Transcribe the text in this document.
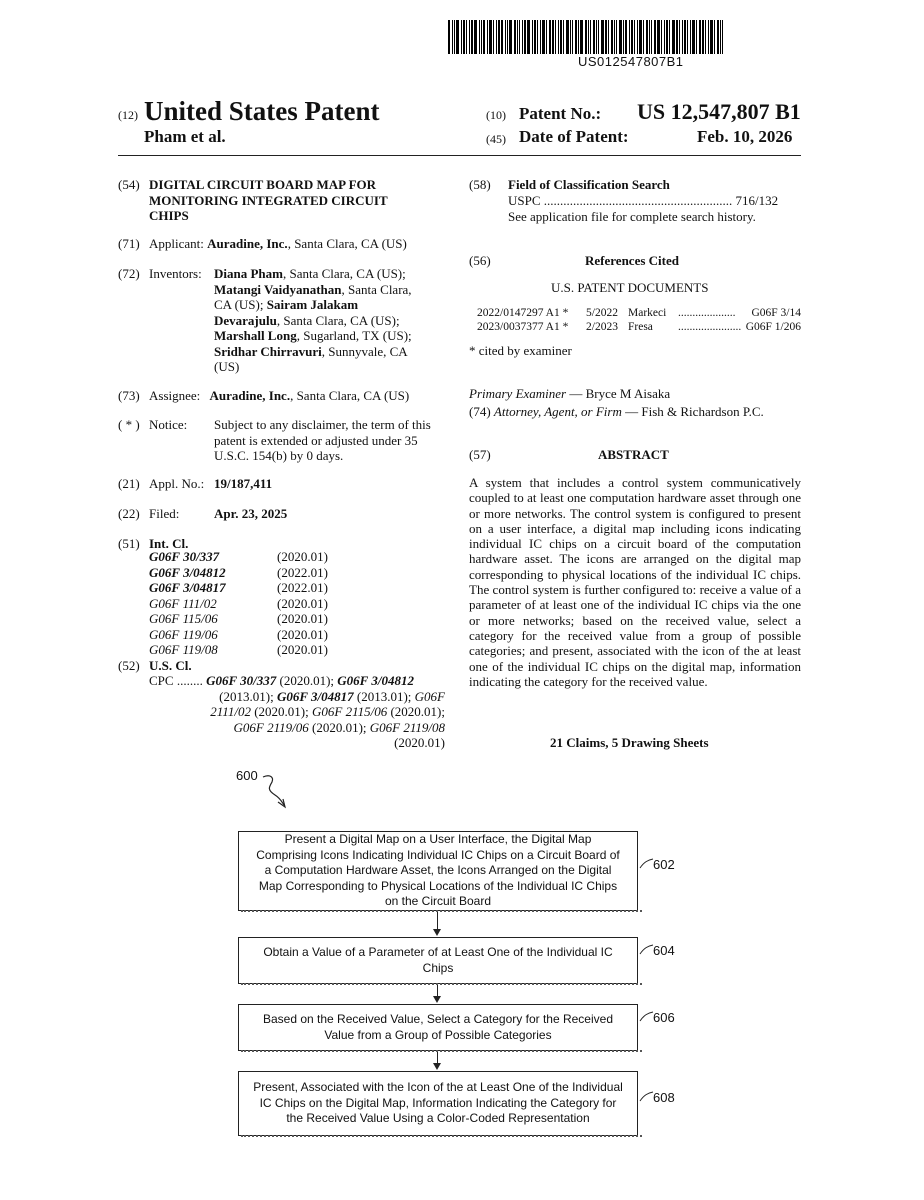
US012547807B1
(12) United States Patent
Pham et al.
(10) Patent No.: US 12,547,807 B1
(45) Date of Patent:	Feb. 10, 2026
(54) DIGITAL CIRCUIT BOARD MAP FOR
MONITORING INTEGRATED CIRCUIT
CHIPS
(71) Applicant: Auradine, Inc., Santa Clara, CA (US)
(72) Inventors: Diana Pham, Santa Clara, CA (US);
Matangi Vaidyanathan, Santa Clara,
CA (US); Sairam Jalakam
Devarajulu, Santa Clara, CA (US);
Marshall Long, Sugarland, TX (US);
Sridhar Chirravuri, Sunnyvale, CA
(US)
(73) Assignee: Auradine, Inc., Santa Clara, CA (US)
( * ) Notice: Subject to any disclaimer, the term of this
patent is extended or adjusted under 35
U.S.C. 154(b) by 0 days.
(21) Appl. No.: 19/187,411
(22) Filed:	Apr. 23, 2025
(51) Int. Cl.
G06F 30/337	(2020.01)
G06F 3/04812	(2022.01)
G06F 3/04817	(2022.01)
G06F 111/02	(2020.01)
G06F 115/06	(2020.01)
G06F 119/06	(2020.01)
G06F 119/08	(2020.01)
(52) U.S. Cl.
CPC ........ G06F 30/337 (2020.01); G06F 3/04812
(2013.01); G06F 3/04817 (2013.01); G06F
2111/02 (2020.01); G06F 2115/06 (2020.01);
G06F 2119/06 (2020.01); G06F 2119/08
(2020.01)
(58) Field of Classification Search
USPC .......................................................... 716/132
See application file for complete search history.
(56)	References Cited
U.S. PATENT DOCUMENTS
2022/0147297 A1 *	5/2022 Markeci	....................	G06F 3/14
2023/0037377 A1 *	2/2023 Fresa	...................... G06F 1/206
* cited by examiner
Primary Examiner — Bryce M Aisaka
(74) Attorney, Agent, or Firm — Fish & Richardson P.C.
(57)	ABSTRACT
A system that includes a control system communicatively coupled to at least one computation hardware asset through one or more networks. The control system is configured to present on a user interface, a digital map including icons indicating individual IC chips on a circuit board of the computation hardware asset. The icons are arranged on the digital map corresponding to physical locations of the individual IC chips. The control system is further configured to: receive a value of a parameter of at least one of the individual IC chips via the one or more networks; based on the received value, select a category for the received value from a group of possible categories; and present, associated with the icon of the at least one of the individual IC chips on the digital map, information indicating the category for the received value.
21 Claims, 5 Drawing Sheets
600
Present a Digital Map on a User Interface, the Digital Map Comprising Icons Indicating Individual IC Chips on a Circuit Board of a Computation Hardware Asset, the Icons Arranged on the Digital Map Corresponding to Physical Locations of the Individual IC Chips on the Circuit Board
602
Obtain a Value of a Parameter of at Least One of the Individual IC Chips
604
Based on the Received Value, Select a Category for the Received Value from a Group of Possible Categories
606
Present, Associated with the Icon of the at Least One of the Individual IC Chips on the Digital Map, Information Indicating the Category for the Received Value Using a Color-Coded Representation
608
